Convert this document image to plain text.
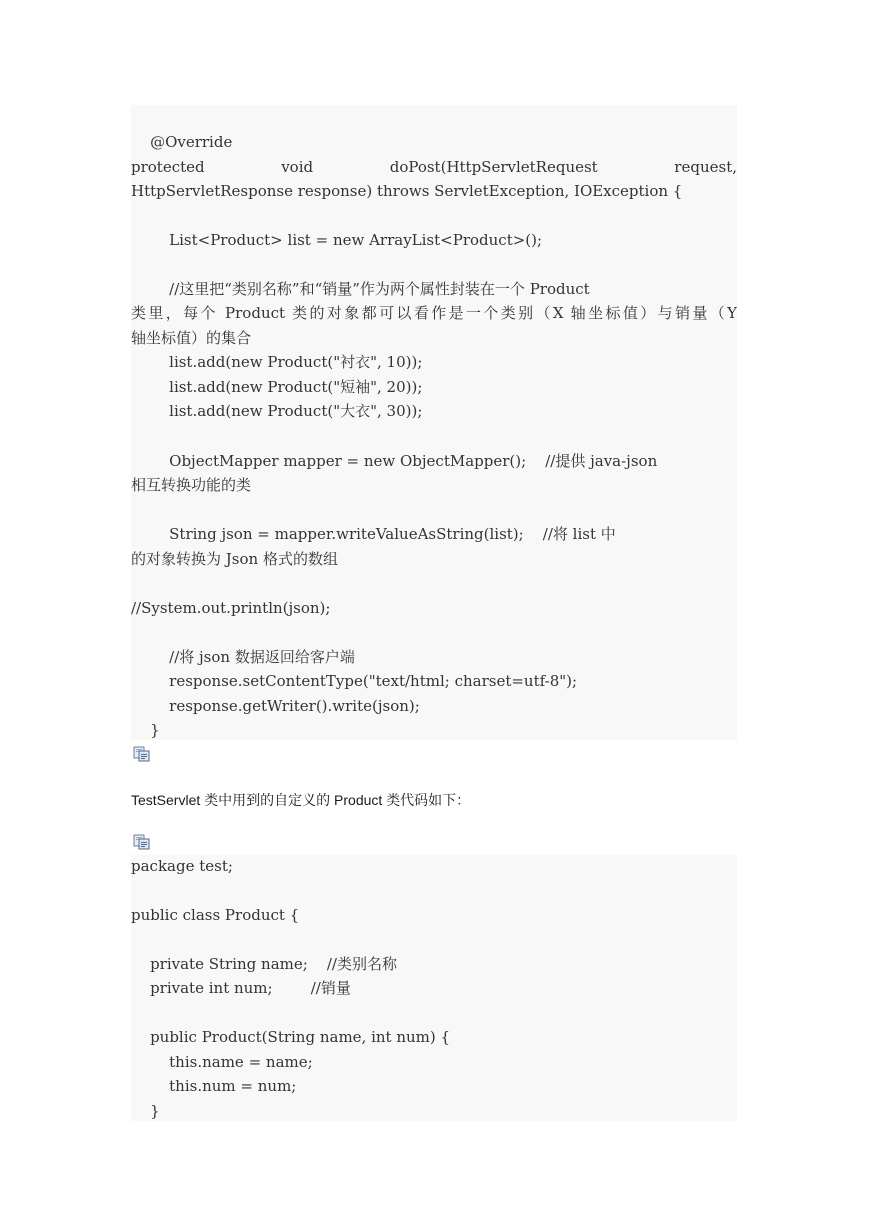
@Override
protected void doPost(HttpServletRequest request,
HttpServletResponse response) throws ServletException, IOException {
List<Product> list = new ArrayList<Product>();
//这里把“类别名称”和“销量”作为两个属性封装在一个 Product
类里，每个 Product 类的对象都可以看作是一个类别（X 轴坐标值）与销量（Y
轴坐标值）的集合
list.add(new Product("衬衣", 10));
list.add(new Product("短袖", 20));
list.add(new Product("大衣", 30));
ObjectMapper mapper = new ObjectMapper();    //提供 java-json
相互转换功能的类
String json = mapper.writeValueAsString(list);    //将 list 中
的对象转换为 Json 格式的数组
//System.out.println(json);
//将 json 数据返回给客户端
response.setContentType("text/html; charset=utf-8");
response.getWriter().write(json);
}
TestServlet 类中用到的自定义的 Product 类代码如下：
package test;
public class Product {
private String name;    //类别名称
private int num;        //销量
public Product(String name, int num) {
this.name = name;
this.num = num;
}
